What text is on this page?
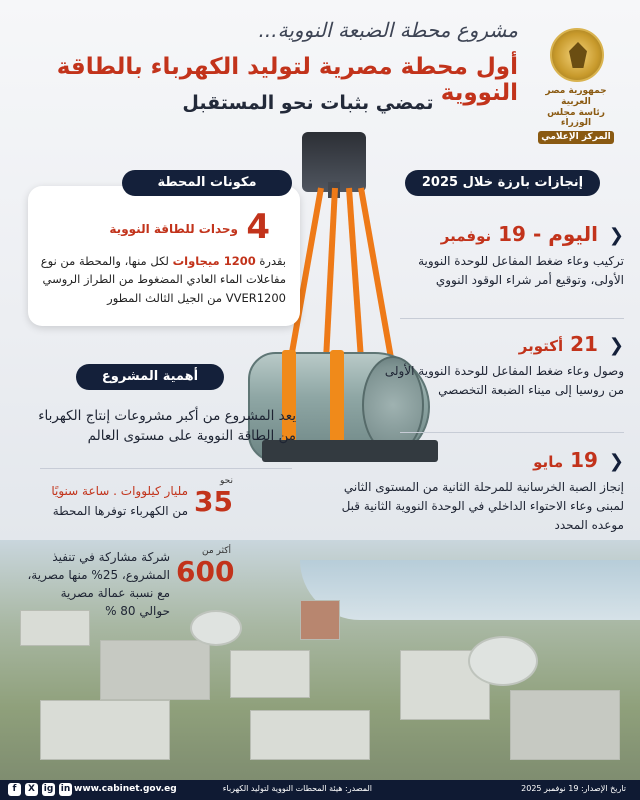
جمهورية مصر العربية
رئاسة مجلس الوزراء
المركز الإعلامي
مشروع محطة الضبعة النووية...
أول محطة مصرية لتوليد الكهرباء بالطاقة النووية
تمضي بثبات نحو المستقبل
إنجازات بارزة خلال 2025
❮ اليوم - 19 نوفمبر
تركيب وعاء ضغط المفاعل للوحدة النووية الأولى، وتوقيع أمر شراء الوقود النووي
❮ 21 أكتوبر
وصول وعاء ضغط المفاعل للوحدة النووية الأولى من روسيا إلى ميناء الضبعة التخصصي
❮ 19 مايو
إنجاز الصبة الخرسانية للمرحلة الثانية من المستوى الثاني لمبنى وعاء الاحتواء الداخلي في الوحدة النووية الثانية قبل موعده المحدد
4
وحدات للطاقة النووية
بقدرة 1200 ميجاوات لكل منها، والمحطة من نوع مفاعلات الماء العادي المضغوط من الطراز الروسي VVER1200 من الجيل الثالث المطور
مكونات المحطة
أهمية المشروع
يعد المشروع من أكبر مشروعات إنتاج الكهرباء من الطاقة النووية على مستوى العالم
نحو
35
مليار كيلووات . ساعة سنويًا
من الكهرباء توفرها المحطة
أكثر من
600
شركة مشاركة في تنفيذ
المشروع، 25% منها مصرية،
مع نسبة عمالة مصرية
حوالي 80 %
f	X ig in www.cabinet.gov.eg	المصدر: هيئة المحطات النووية لتوليد الكهرباء	تاريخ الإصدار: 19 نوفمبر 2025
